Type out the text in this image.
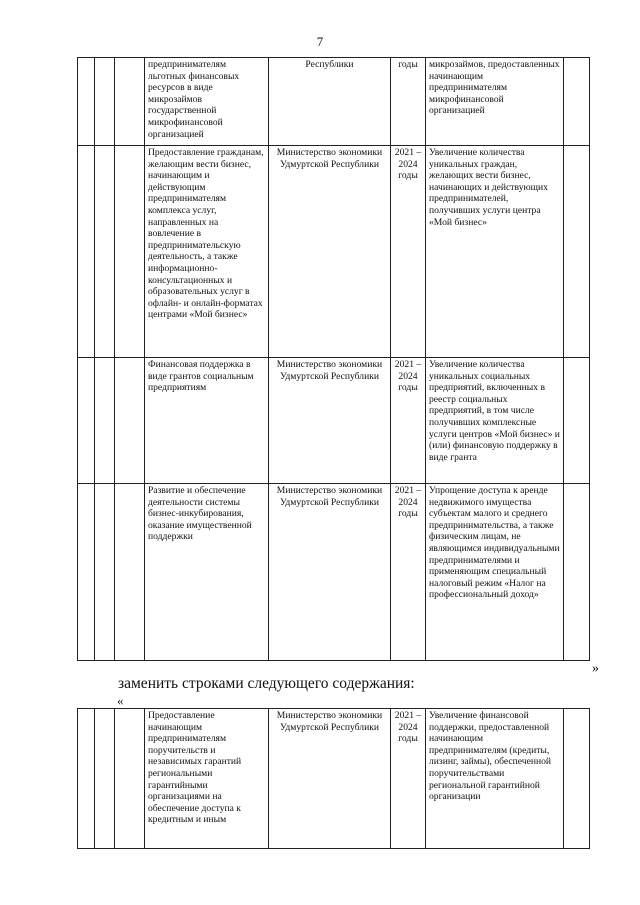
7
			предпринимателям льготных финансовых ресурсов в виде микрозаймов государственной микрофинансовой организацией	Республики	годы	микрозаймов, предоставленных начинающим предпринимателям микрофинансовой организацией	
			Предоставление гражданам, желающим вести бизнес, начинающим и действующим предпринимателям комплекса услуг, направленных на вовлечение в предпринимательскую деятельность, а также информационно-консультационных и образовательных услуг в офлайн- и онлайн-форматах центрами «Мой бизнес»	Министерство экономики Удмуртской Республики	2021 – 2024 годы	Увеличение количества уникальных граждан, желающих вести бизнес, начинающих и действующих предпринимателей, получивших услуги центра «Мой бизнес»	
			Финансовая поддержка в виде грантов социальным предприятиям	Министерство экономики Удмуртской Республики	2021 – 2024 годы	Увеличение количества уникальных социальных предприятий, включенных в реестр социальных предприятий, в том числе получивших комплексные услуги центров «Мой бизнес» и (или) финансовую поддержку в виде гранта	
			Развитие и обеспечение деятельности системы бизнес-инкубирования, оказание имущественной поддержки	Министерство экономики Удмуртской Республики	2021 – 2024 годы	Упрощение доступа к аренде недвижимого имущества субъектам малого и среднего предпринимательства, а также физическим лицам, не являющимся индивидуальными предпринимателями и применяющим специальный налоговый режим «Налог на профессиональный доход»	
»
заменить строками следующего содержания:
«
			Предоставление начинающим предпринимателям поручительств и независимых гарантий региональными гарантийными организациями на обеспечение доступа к кредитным и иным	Министерство экономики Удмуртской Республики	2021 – 2024 годы	Увеличение финансовой поддержки, предоставленной начинающим предпринимателям (кредиты, лизинг, займы), обеспеченной поручительствами региональной гарантийной организации	
